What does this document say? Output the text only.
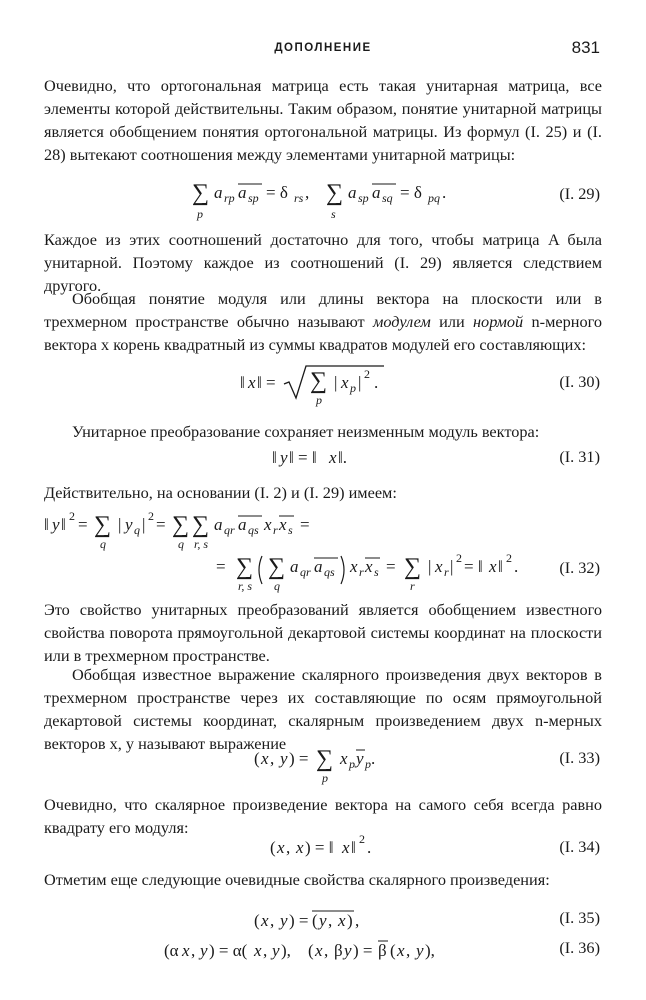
ДОПОЛНЕНИЕ	831
Очевидно, что ортогональная матрица есть такая унитарная матрица, все элементы которой действительны. Таким образом, понятие унитарной матрицы является обобщением понятия ортогональной матрицы. Из формул (I. 25) и (I. 28) вытекают соотношения между элементами унитарной матрицы:
∑
p
a rp a sp = δ rs , ∑
s
a sp a sq = δ pq .	(I. 29)
Каждое из этих соотношений достаточно для того, чтобы матрица A была унитарной. Поэтому каждое из соотношений (I. 29) является следствием другого.
Обобщая понятие модуля или длины вектора на плоскости или в трехмерном пространстве обычно называют модулем или нормой n-мерного вектора x корень квадратный из суммы квадратов модулей его составляющих:
‖ x ‖ = ∑
p
| x p | 2 .	(I. 30)
Унитарное преобразование сохраняет неизменным модуль вектора:
‖ y ‖ = ‖ x ‖.	(I. 31)
Действительно, на основании (I. 2) и (I. 29) имеем:
‖ y ‖ 2 = ∑
q
| y q | 2 = ∑
q
∑
r, s
a qr a qs x r x s =
= ∑
r, s
∑
q
a qr a qs x r x s = ∑
r
| x r | 2 = ‖ x ‖ 2 .	(I. 32)
Это свойство унитарных преобразований является обобщением известного свойства поворота прямоугольной декартовой системы координат на плоскости или в трехмерном пространстве.
Обобщая известное выражение скалярного произведения двух векторов в трехмерном пространстве через их составляющие по осям прямоугольной декартовой системы координат, скалярным произведением двух n-мерных векторов x, y называют выражение
( x , y ) = ∑
p
x p y p .	(I. 33)
Очевидно, что скалярное произведение вектора на самого себя всегда равно квадрату его модуля:
( x , x ) = ‖ x ‖ 2 .	(I. 34)
Отметим еще следующие очевидные свойства скалярного произведения:
( x , y ) = ( y , x ) ,	(I. 35)
(α x , y ) = α( x , y ), ( x , β y ) = β ( x , y ),	(I. 36)
